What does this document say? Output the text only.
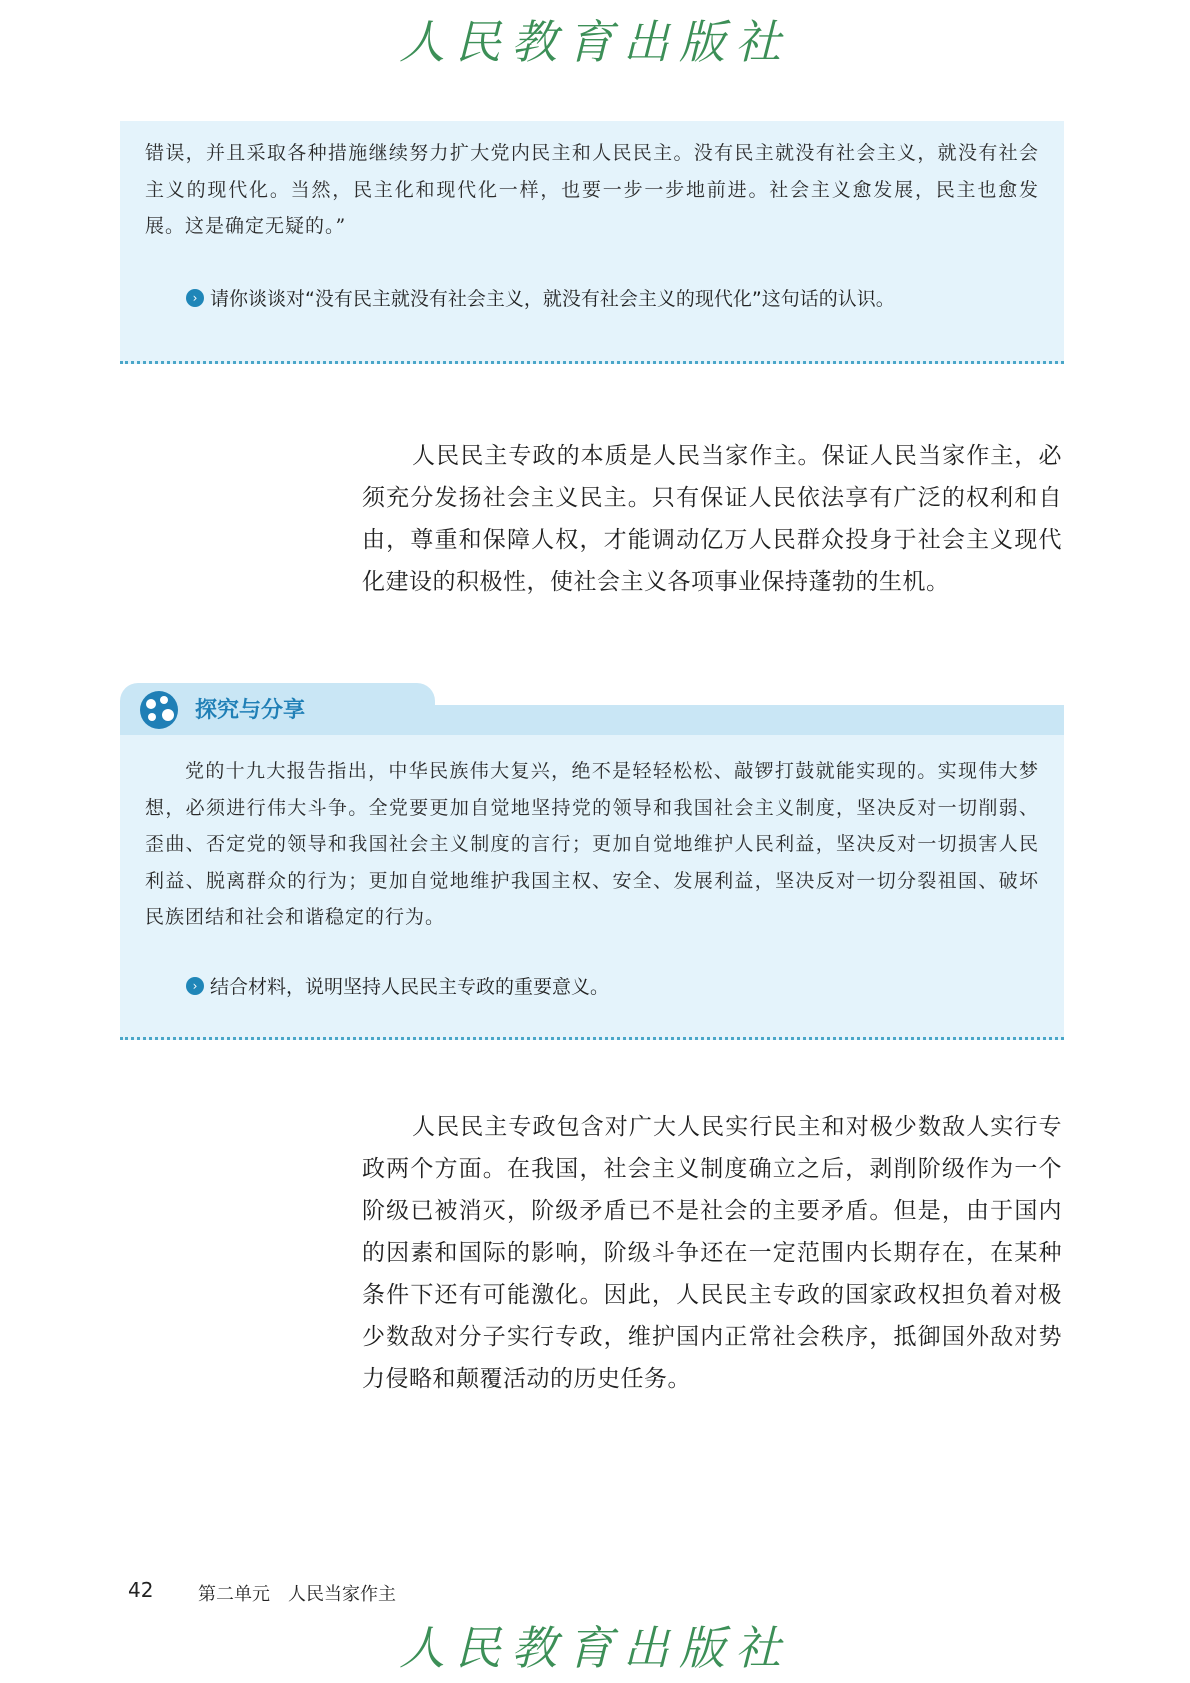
人民教育出版社
错误，并且采取各种措施继续努力扩大党内民主和人民民主。没有民主就没有社会主义，就没有社会主义的现代化。当然，民主化和现代化一样，也要一步一步地前进。社会主义愈发展，民主也愈发展。这是确定无疑的。”
› 请你谈谈对“没有民主就没有社会主义，就没有社会主义的现代化”这句话的认识。
人民民主专政的本质是人民当家作主。保证人民当家作主，必须充分发扬社会主义民主。只有保证人民依法享有广泛的权利和自由，尊重和保障人权，才能调动亿万人民群众投身于社会主义现代化建设的积极性，使社会主义各项事业保持蓬勃的生机。
探究与分享
党的十九大报告指出，中华民族伟大复兴，绝不是轻轻松松、敲锣打鼓就能实现的。实现伟大梦想，必须进行伟大斗争。全党要更加自觉地坚持党的领导和我国社会主义制度，坚决反对一切削弱、歪曲、否定党的领导和我国社会主义制度的言行；更加自觉地维护人民利益，坚决反对一切损害人民利益、脱离群众的行为；更加自觉地维护我国主权、安全、发展利益，坚决反对一切分裂祖国、破坏民族团结和社会和谐稳定的行为。
› 结合材料，说明坚持人民民主专政的重要意义。
人民民主专政包含对广大人民实行民主和对极少数敌人实行专政两个方面。在我国，社会主义制度确立之后，剥削阶级作为一个阶级已被消灭，阶级矛盾已不是社会的主要矛盾。但是，由于国内的因素和国际的影响，阶级斗争还在一定范围内长期存在，在某种条件下还有可能激化。因此，人民民主专政的国家政权担负着对极少数敌对分子实行专政，维护国内正常社会秩序，抵御国外敌对势力侵略和颠覆活动的历史任务。
42 第二单元　人民当家作主
人民教育出版社
